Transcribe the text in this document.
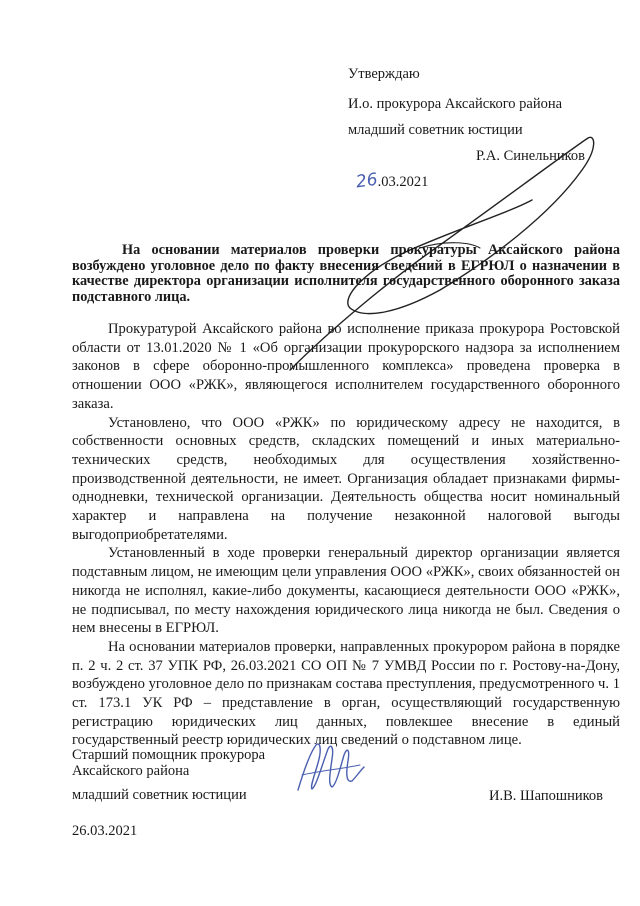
Утверждаю
И.о. прокурора Аксайского района
младший советник юстиции
Р.А. Синельников
26.03.2021
На основании материалов проверки прокуратуры Аксайского района возбуждено уголовное дело по факту внесения сведений в ЕГРЮЛ о назначении в качестве директора организации исполнителя государственного оборонного заказа подставного лица.

Прокуратурой Аксайского района во исполнение приказа прокурора Ростовской области от 13.01.2020 № 1 «Об организации прокурорского надзора за исполнением законов в сфере оборонно-промышленного комплекса» проведена проверка в отношении ООО «РЖК», являющегося исполнителем государственного оборонного заказа.

Установлено, что ООО «РЖК» по юридическому адресу не находится, в собственности основных средств, складских помещений и иных материально-технических средств, необходимых для осуществления хозяйственно-производственной деятельности, не имеет. Организация обладает признаками фирмы-однодневки, технической организации. Деятельность общества носит номинальный характер и направлена на получение незаконной налоговой выгоды выгодоприобретателями.

Установленный в ходе проверки генеральный директор организации является подставным лицом, не имеющим цели управления ООО «РЖК», своих обязанностей он никогда не исполнял, какие-либо документы, касающиеся деятельности ООО «РЖК», не подписывал, по месту нахождения юридического лица никогда не был. Сведения о нем внесены в ЕГРЮЛ.

На основании материалов проверки, направленных прокурором района в порядке п. 2 ч. 2 ст. 37 УПК РФ, 26.03.2021 СО ОП № 7 УМВД России по г. Ростову-на-Дону, возбуждено уголовное дело по признакам состава преступления, предусмотренного ч. 1 ст. 173.1 УК РФ – представление в орган, осуществляющий государственную регистрацию юридических лиц данных, повлекшее внесение в единый государственный реестр юридических лиц сведений о подставном лице.

Старший помощник прокурора
Аксайского района
младший советник юстиции	И.В. Шапошников
26.03.2021
